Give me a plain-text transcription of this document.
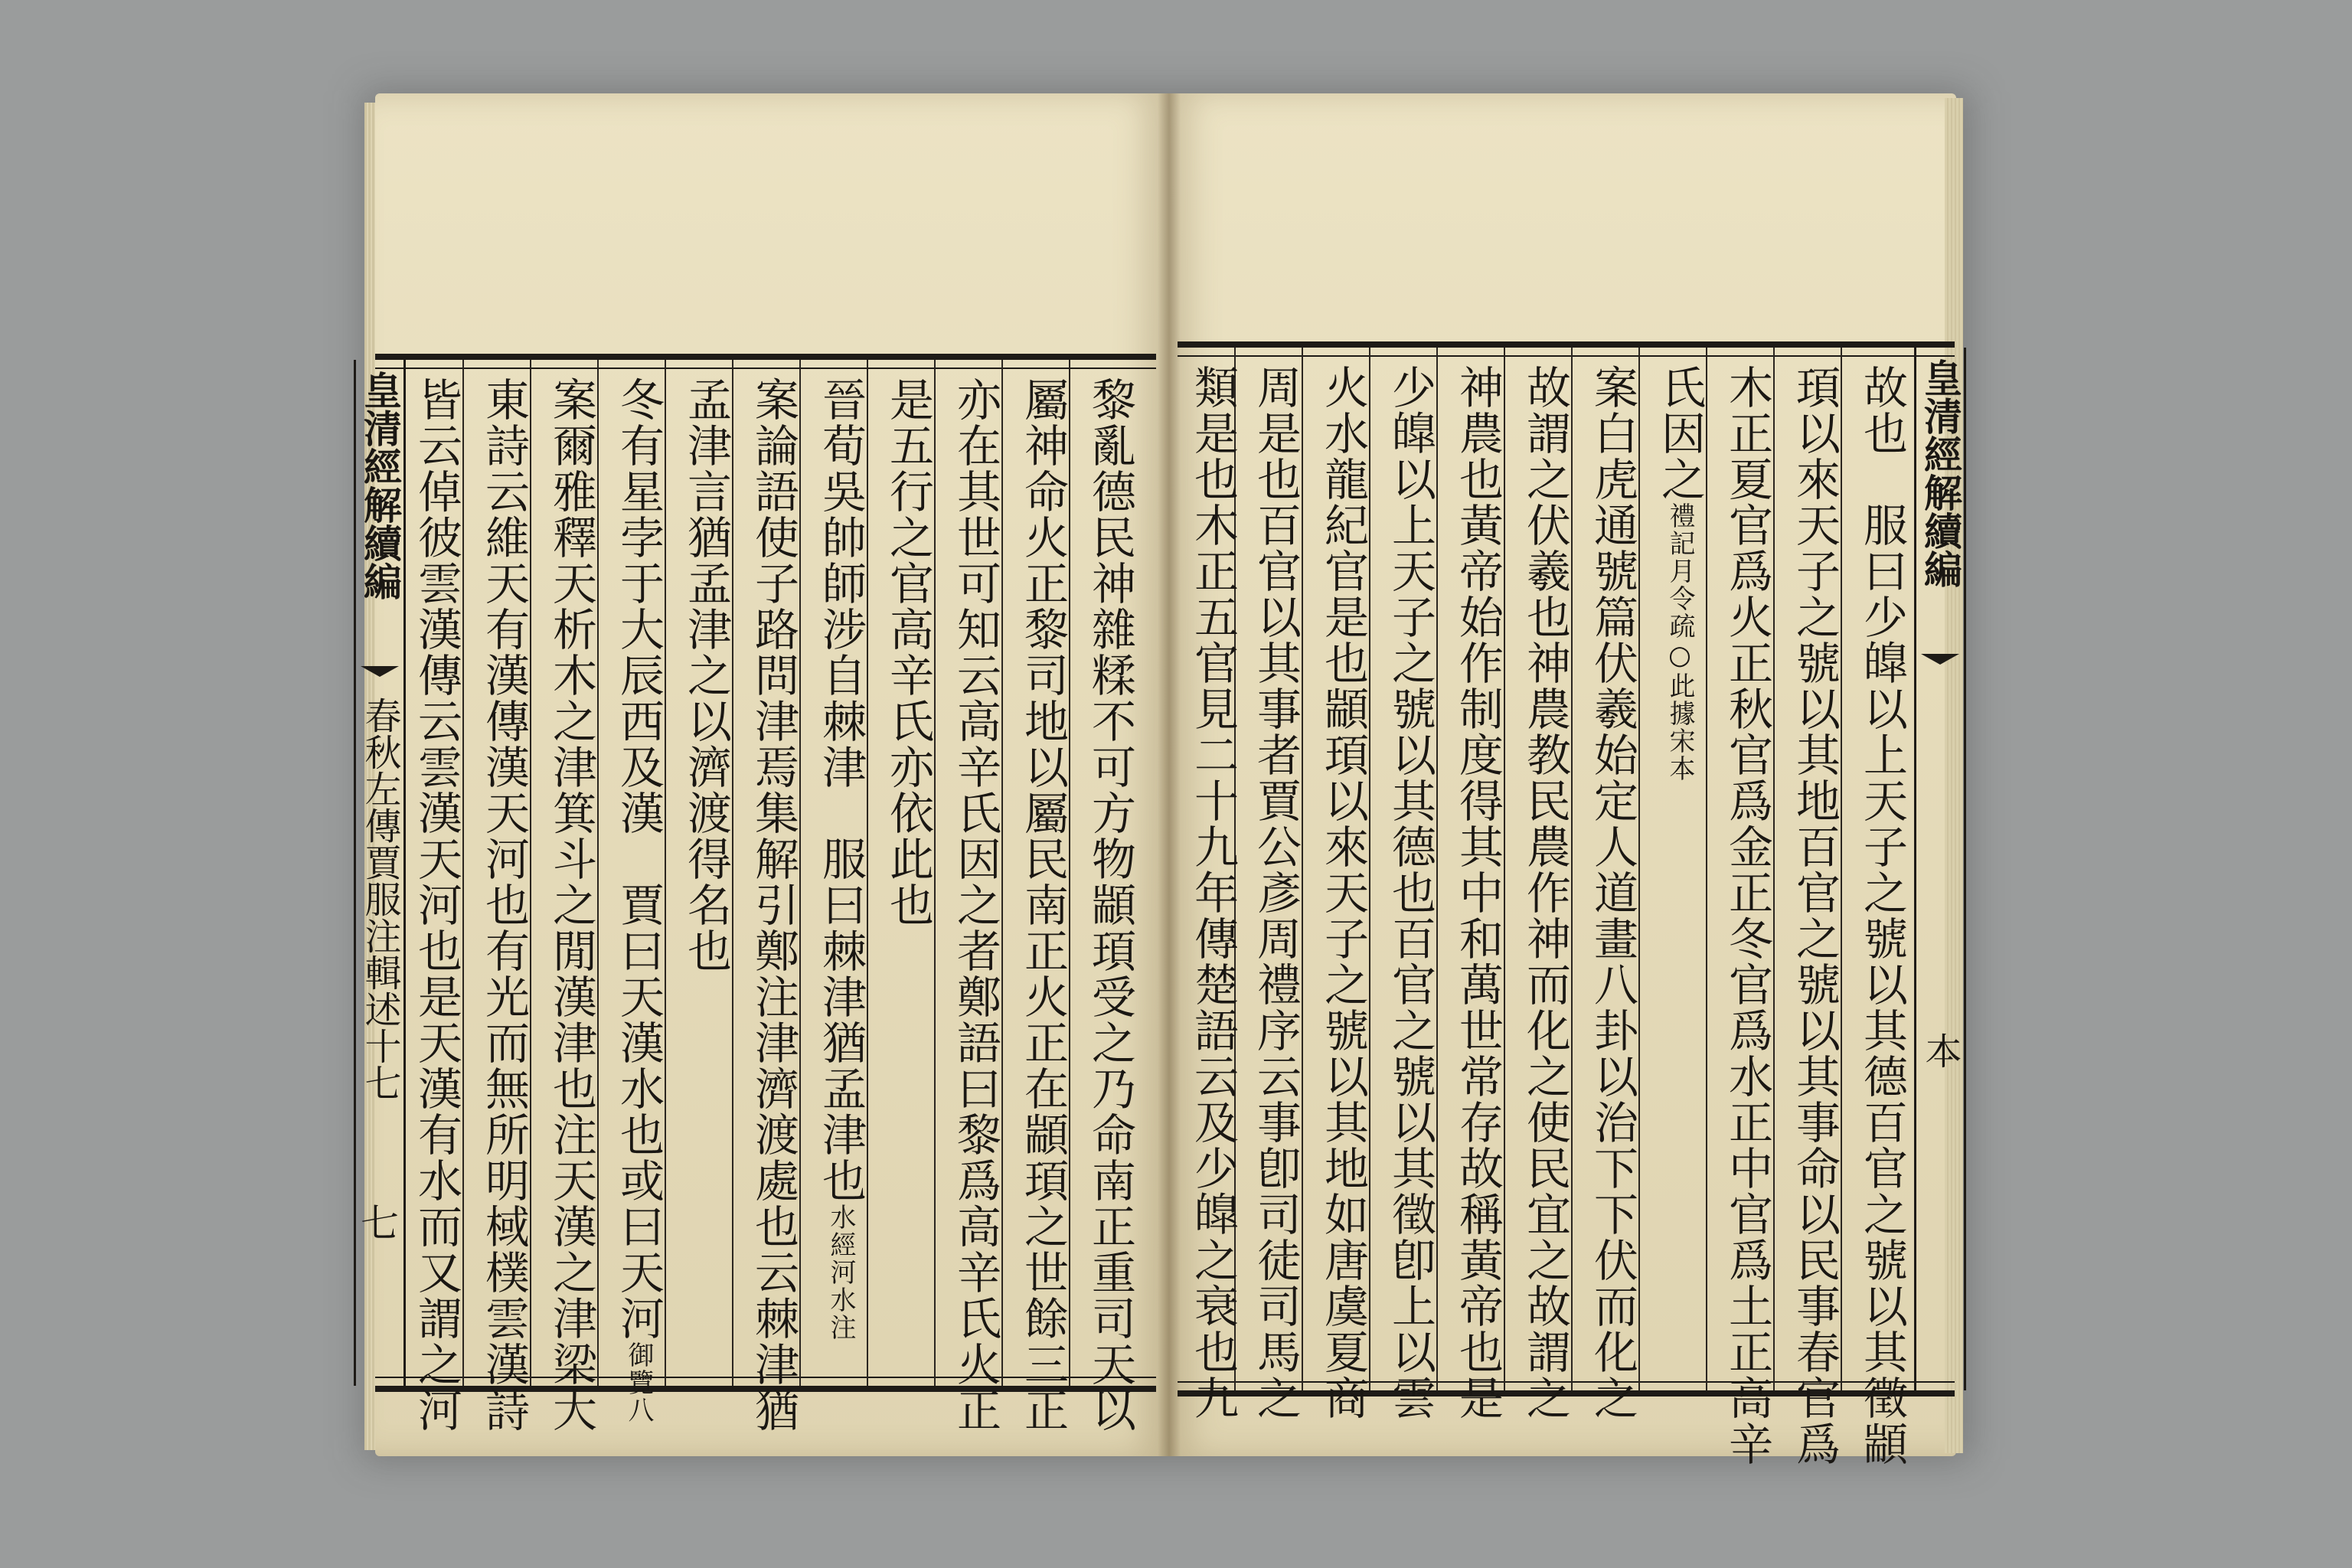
黎亂德民神雜糅不可方物顓頊受之乃命南正重司天以
屬神命火正黎司地以屬民南正火正在顓頊之世餘三正
亦在其世可知云高辛氏因之者鄭語曰黎爲高辛氏火正
是五行之官高辛氏亦依此也
晉荀吳帥師涉自棘津　服曰棘津猶孟津也水經河水注
案論語使子路問津焉集解引鄭注津濟渡處也云棘津猶
孟津言猶孟津之以濟渡得名也
冬有星孛于大辰西及漢　賈曰天漢水也或曰天河御覽八
案爾雅釋天析木之津箕斗之閒漢津也注天漢之津梁大
東詩云維天有漢傳漢天河也有光而無所明棫樸雲漢詩
皆云倬彼雲漢傳云雲漢天河也是天漢有水而又謂之河
皇清經解續編
春秋左傳賈服注輯述十七
七	故也　服曰少皥以上天子之號以其德百官之號以其徵顓
頊以來天子之號以其地百官之號以其事命以民事春官爲
木正夏官爲火正秋官爲金正冬官爲水正中官爲土正高辛
氏因之禮記月令疏○此據宋本
案白虎通號篇伏羲始定人道畫八卦以治下下伏而化之
故謂之伏羲也神農教民農作神而化之使民宜之故謂之
神農也黃帝始作制度得其中和萬世常存故稱黃帝也是
少皥以上天子之號以其德也百官之號以其徵卽上以雲
火水龍紀官是也顓頊以來天子之號以其地如唐虞夏商
周是也百官以其事者賈公彥周禮序云事卽司徒司馬之
類是也木正五官見二十九年傳楚語云及少皥之衰也九	皇清經解續編
本
